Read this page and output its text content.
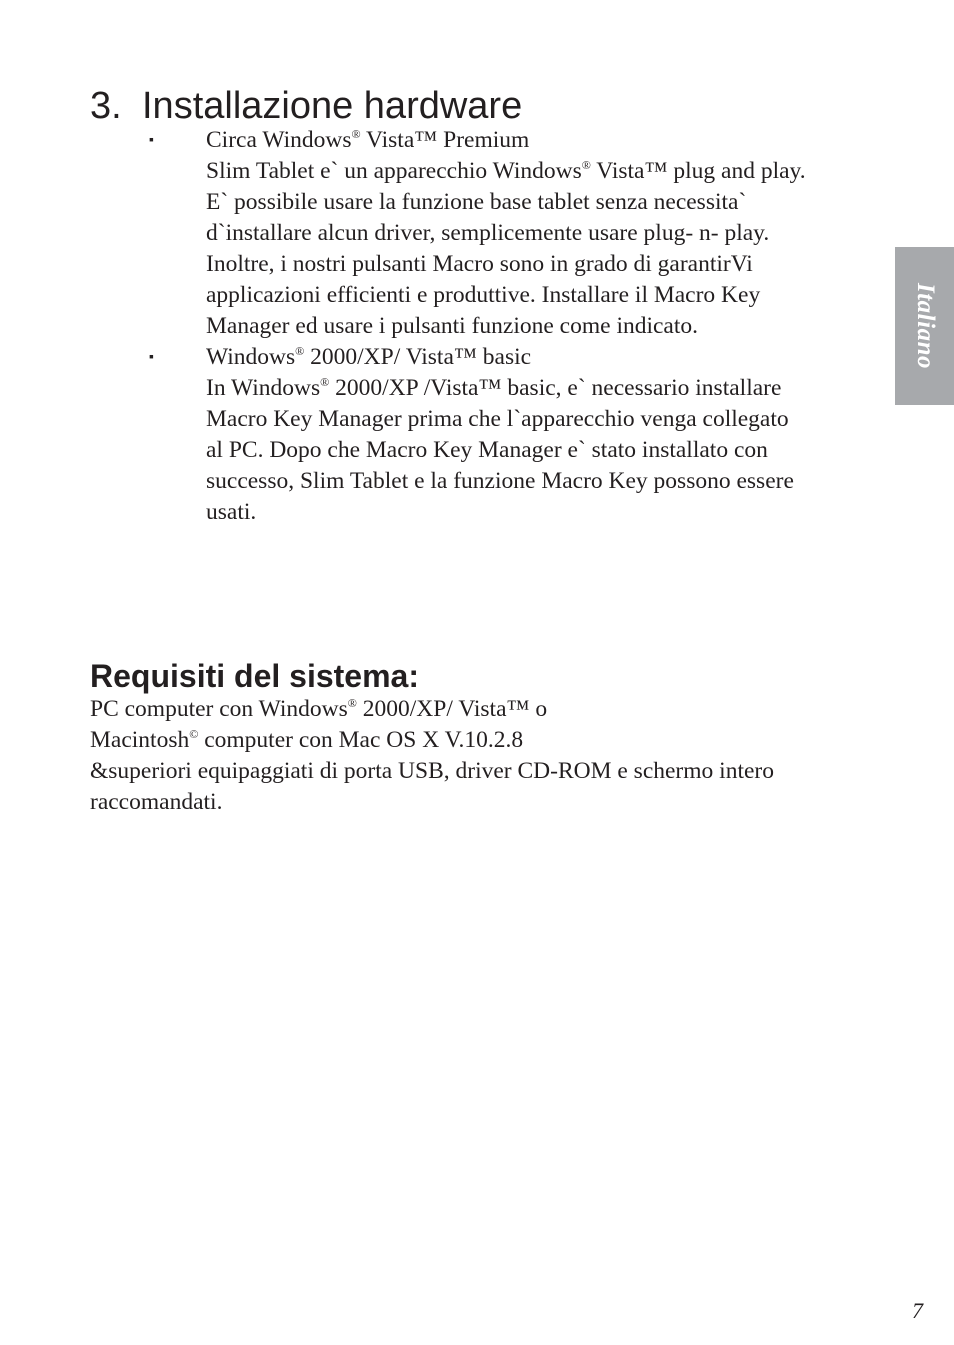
3. Installazione hardware
▪ Circa Windows® Vista™ Premium
Slim Tablet e` un apparecchio Windows® Vista™ plug and play.
E` possibile usare la funzione base tablet senza necessita`
d`installare alcun driver, semplicemente usare plug- n- play.
Inoltre, i nostri pulsanti Macro sono in grado di garantirVi
applicazioni efficienti e produttive. Installare il Macro Key
Manager ed usare i pulsanti funzione come indicato.
▪ Windows® 2000/XP/ Vista™ basic
In Windows® 2000/XP /Vista™ basic, e` necessario installare
Macro Key Manager prima che l`apparecchio venga collegato
al PC. Dopo che Macro Key Manager e` stato installato con
successo, Slim Tablet e la funzione Macro Key possono essere
usati.
Requisiti del sistema:
PC computer con Windows® 2000/XP/ Vista™ o
Macintosh© computer con Mac OS X V.10.2.8
&superiori equipaggiati di porta USB, driver CD-ROM e schermo intero
raccomandati.
Italiano
7
